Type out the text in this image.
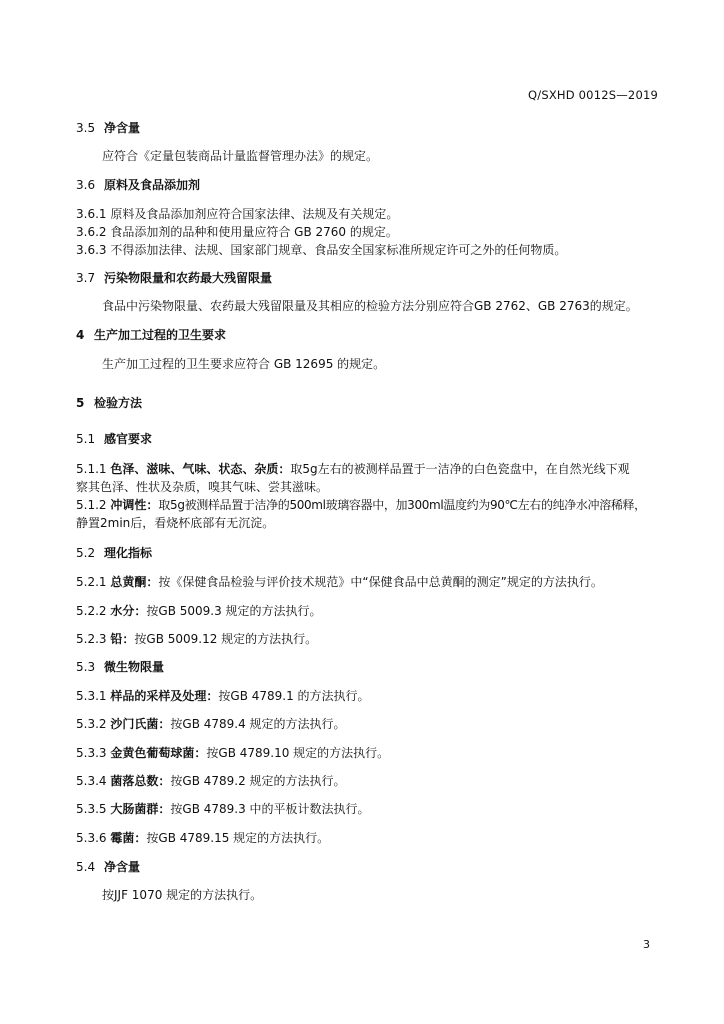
Q/SXHD 0012S—2019
3.5 净含量
应符合《定量包装商品计量监督管理办法》的规定。
3.6 原料及食品添加剂
3.6.1 原料及食品添加剂应符合国家法律、法规及有关规定。
3.6.2 食品添加剂的品种和使用量应符合 GB 2760 的规定。
3.6.3 不得添加法律、法规、国家部门规章、食品安全国家标准所规定许可之外的任何物质。
3.7 污染物限量和农药最大残留限量
食品中污染物限量、农药最大残留限量及其相应的检验方法分别应符合GB 2762、GB 2763的规定。
4 生产加工过程的卫生要求
生产加工过程的卫生要求应符合 GB 12695 的规定。
5 检验方法
5.1 感官要求
5.1.1 色泽、滋味、气味、状态、杂质：取5g左右的被测样品置于一洁净的白色瓷盘中，在自然光线下观
察其色泽、性状及杂质，嗅其气味、尝其滋味。
5.1.2 冲调性：取5g被测样品置于洁净的500ml玻璃容器中，加300ml温度约为90℃左右的纯净水冲溶稀释，
静置2min后，看烧杯底部有无沉淀。
5.2 理化指标
5.2.1 总黄酮：按《保健食品检验与评价技术规范》中“保健食品中总黄酮的测定”规定的方法执行。
5.2.2 水分：按GB 5009.3 规定的方法执行。
5.2.3 铅：按GB 5009.12 规定的方法执行。
5.3 微生物限量
5.3.1 样品的采样及处理：按GB 4789.1 的方法执行。
5.3.2 沙门氏菌：按GB 4789.4 规定的方法执行。
5.3.3 金黄色葡萄球菌：按GB 4789.10 规定的方法执行。
5.3.4 菌落总数：按GB 4789.2 规定的方法执行。
5.3.5 大肠菌群：按GB 4789.3 中的平板计数法执行。
5.3.6 霉菌：按GB 4789.15 规定的方法执行。
5.4 净含量
按JJF 1070 规定的方法执行。
3
